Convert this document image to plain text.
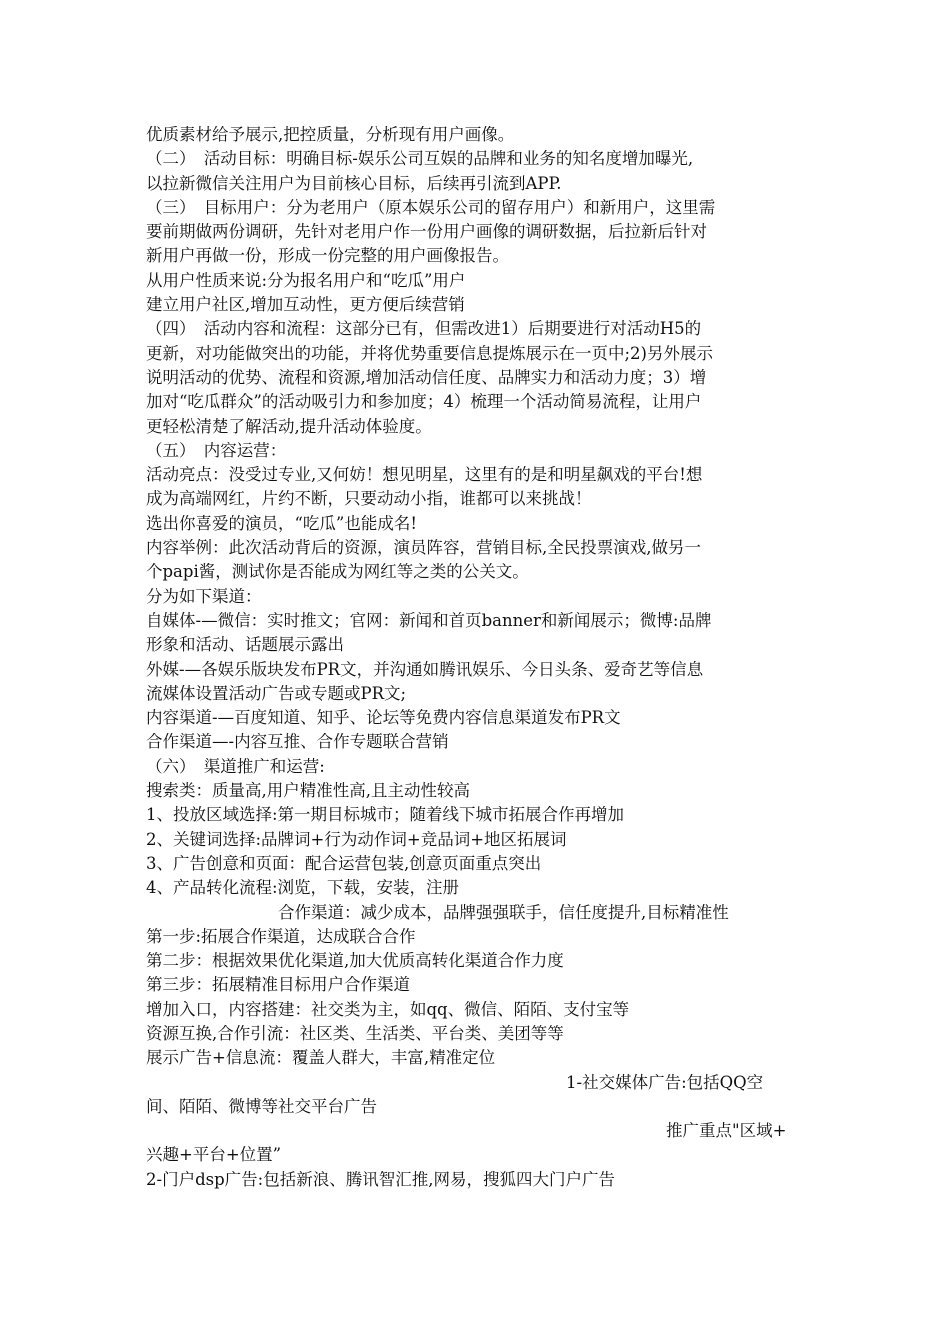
优质素材给予展示,把控质量，分析现有用户画像。
（二）　活动目标：明确目标-娱乐公司互娱的品牌和业务的知名度增加曝光,
以拉新微信关注用户为目前核心目标，后续再引流到APP.
（三）　目标用户：分为老用户（原本娱乐公司的留存用户）和新用户，这里需
要前期做两份调研，先针对老用户作一份用户画像的调研数据，后拉新后针对
新用户再做一份，形成一份完整的用户画像报告。
从用户性质来说:分为报名用户和“吃瓜”用户
建立用户社区,增加互动性，更方便后续营销
（四）　活动内容和流程：这部分已有，但需改进1）后期要进行对活动H5的
更新，对功能做突出的功能，并将优势重要信息提炼展示在一页中;2)另外展示
说明活动的优势、流程和资源,增加活动信任度、品牌实力和活动力度；3）增
加对“吃瓜群众”的活动吸引力和参加度；4）梳理一个活动简易流程，让用户
更轻松清楚了解活动,提升活动体验度。
（五）　内容运营：
活动亮点：没受过专业,又何妨！想见明星，这里有的是和明星飙戏的平台!想
成为高端网红，片约不断，只要动动小指，谁都可以来挑战！
选出你喜爱的演员，“吃瓜”也能成名!
内容举例：此次活动背后的资源，演员阵容，营销目标,全民投票演戏,做另一
个papi酱，测试你是否能成为网红等之类的公关文。
分为如下渠道：
自媒体-—微信：实时推文；官网：新闻和首页banner和新闻展示；微博:品牌
形象和活动、话题展示露出
外媒-—各娱乐版块发布PR文，并沟通如腾讯娱乐、今日头条、爱奇艺等信息
流媒体设置活动广告或专题或PR文;
内容渠道-—百度知道、知乎、论坛等免费内容信息渠道发布PR文
合作渠道—-内容互推、合作专题联合营销
（六）　渠道推广和运营:
搜索类：质量高,用户精准性高,且主动性较高
1、投放区域选择:第一期目标城市；随着线下城市拓展合作再增加
2、关键词选择:品牌词+行为动作词+竞品词+地区拓展词
3、广告创意和页面：配合运营包装,创意页面重点突出
4、产品转化流程:浏览，下载，安装，注册
合作渠道：减少成本，品牌强强联手，信任度提升,目标精准性
第一步:拓展合作渠道，达成联合合作
第二步：根据效果优化渠道,加大优质高转化渠道合作力度
第三步：拓展精准目标用户合作渠道
增加入口，内容搭建：社交类为主，如qq、微信、陌陌、支付宝等
资源互换,合作引流：社区类、生活类、平台类、美团等等
展示广告+信息流：覆盖人群大，丰富,精准定位
1-社交媒体广告:包括QQ空
间、陌陌、微博等社交平台广告
推广重点"区域+
兴趣+平台+位置”
2-门户dsp广告:包括新浪、腾讯智汇推,网易，搜狐四大门户广告
